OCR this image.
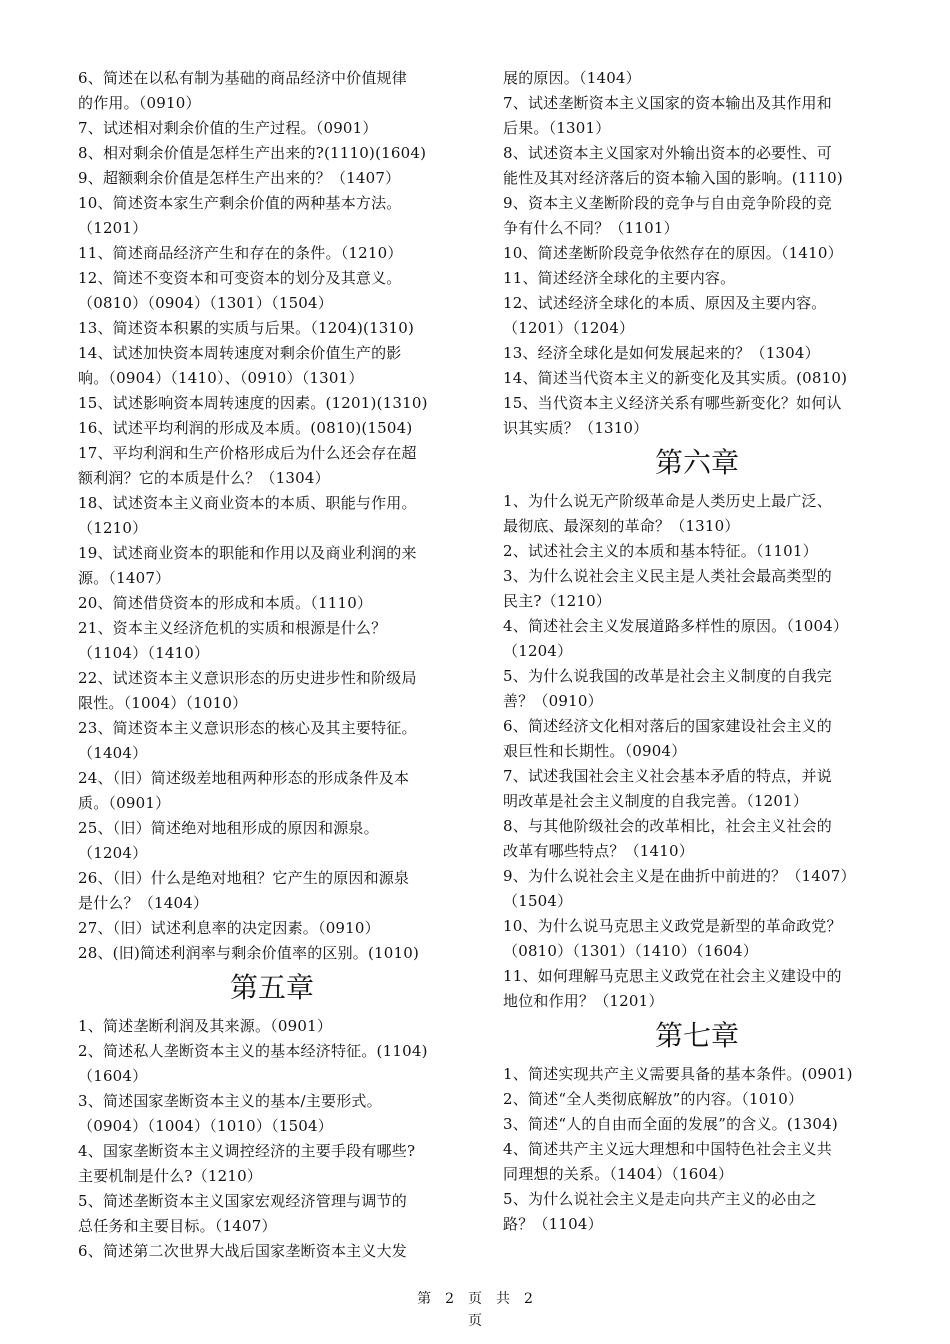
6、简述在以私有制为基础的商品经济中价值规律
的作用。（0910）
7、试述相对剩余价值的生产过程。（0901）
8、相对剩余价值是怎样生产出来的?(1110)(1604)
9、超额剩余价值是怎样生产出来的？（1407）
10、简述资本家生产剩余价值的两种基本方法。
（1201）
11、简述商品经济产生和存在的条件。（1210）
12、简述不变资本和可变资本的划分及其意义。
（0810）（0904）（1301）（1504）
13、简述资本积累的实质与后果。（1204)(1310)
14、试述加快资本周转速度对剩余价值生产的影
响。（0904）（1410）、（0910）（1301）
15、试述影响资本周转速度的因素。(1201)(1310)
16、试述平均利润的形成及本质。(0810)(1504)
17、平均利润和生产价格形成后为什么还会存在超
额利润？它的本质是什么？（1304）
18、试述资本主义商业资本的本质、职能与作用。
（1210）
19、试述商业资本的职能和作用以及商业利润的来
源。（1407）
20、简述借贷资本的形成和本质。（1110）
21、资本主义经济危机的实质和根源是什么？
（1104）（1410）
22、试述资本主义意识形态的历史进步性和阶级局
限性。（1004）（1010）
23、简述资本主义意识形态的核心及其主要特征。
（1404）
24、（旧）简述级差地租两种形态的形成条件及本
质。（0901）
25、（旧）简述绝对地租形成的原因和源泉。
（1204）
26、（旧）什么是绝对地租？它产生的原因和源泉
是什么？（1404）
27、（旧）试述利息率的决定因素。（0910）
28、(旧)简述利润率与剩余价值率的区别。(1010)
第五章
1、简述垄断利润及其来源。（0901）
2、简述私人垄断资本主义的基本经济特征。(1104)
（1604）
3、简述国家垄断资本主义的基本/主要形式。
（0904）（1004）（1010）（1504）
4、国家垄断资本主义调控经济的主要手段有哪些?
主要机制是什么?（1210）
5、简述垄断资本主义国家宏观经济管理与调节的
总任务和主要目标。（1407）
6、简述第二次世界大战后国家垄断资本主义大发
展的原因。（1404）
7、试述垄断资本主义国家的资本输出及其作用和
后果。（1301）
8、试述资本主义国家对外输出资本的必要性、可
能性及其对经济落后的资本输入国的影响。(1110)
9、资本主义垄断阶段的竞争与自由竞争阶段的竞
争有什么不同？（1101）
10、简述垄断阶段竞争依然存在的原因。（1410）
11、简述经济全球化的主要内容。
12、试述经济全球化的本质、原因及主要内容。
（1201）（1204）
13、经济全球化是如何发展起来的？（1304）
14、简述当代资本主义的新变化及其实质。(0810)
15、当代资本主义经济关系有哪些新变化？如何认
识其实质？（1310）
第六章
1、为什么说无产阶级革命是人类历史上最广泛、
最彻底、最深刻的革命？（1310）
2、试述社会主义的本质和基本特征。（1101）
3、为什么说社会主义民主是人类社会最高类型的
民主?（1210）
4、简述社会主义发展道路多样性的原因。（1004）
（1204）
5、为什么说我国的改革是社会主义制度的自我完
善？（0910）
6、简述经济文化相对落后的国家建设社会主义的
艰巨性和长期性。（0904）
7、试述我国社会主义社会基本矛盾的特点，并说
明改革是社会主义制度的自我完善。（1201）
8、与其他阶级社会的改革相比，社会主义社会的
改革有哪些特点？（1410）
9、为什么说社会主义是在曲折中前进的？（1407）
（1504）
10、为什么说马克思主义政党是新型的革命政党？
（0810）（1301）（1410）（1604）
11、如何理解马克思主义政党在社会主义建设中的
地位和作用？（1201）
第七章
1、简述实现共产主义需要具备的基本条件。(0901)
2、简述“全人类彻底解放”的内容。（1010）
3、简述“人的自由而全面的发展”的含义。(1304)
4、简述共产主义远大理想和中国特色社会主义共
同理想的关系。（1404）（1604）
5、为什么说社会主义是走向共产主义的必由之
路？（1104）
第　2　页　共　2
页
